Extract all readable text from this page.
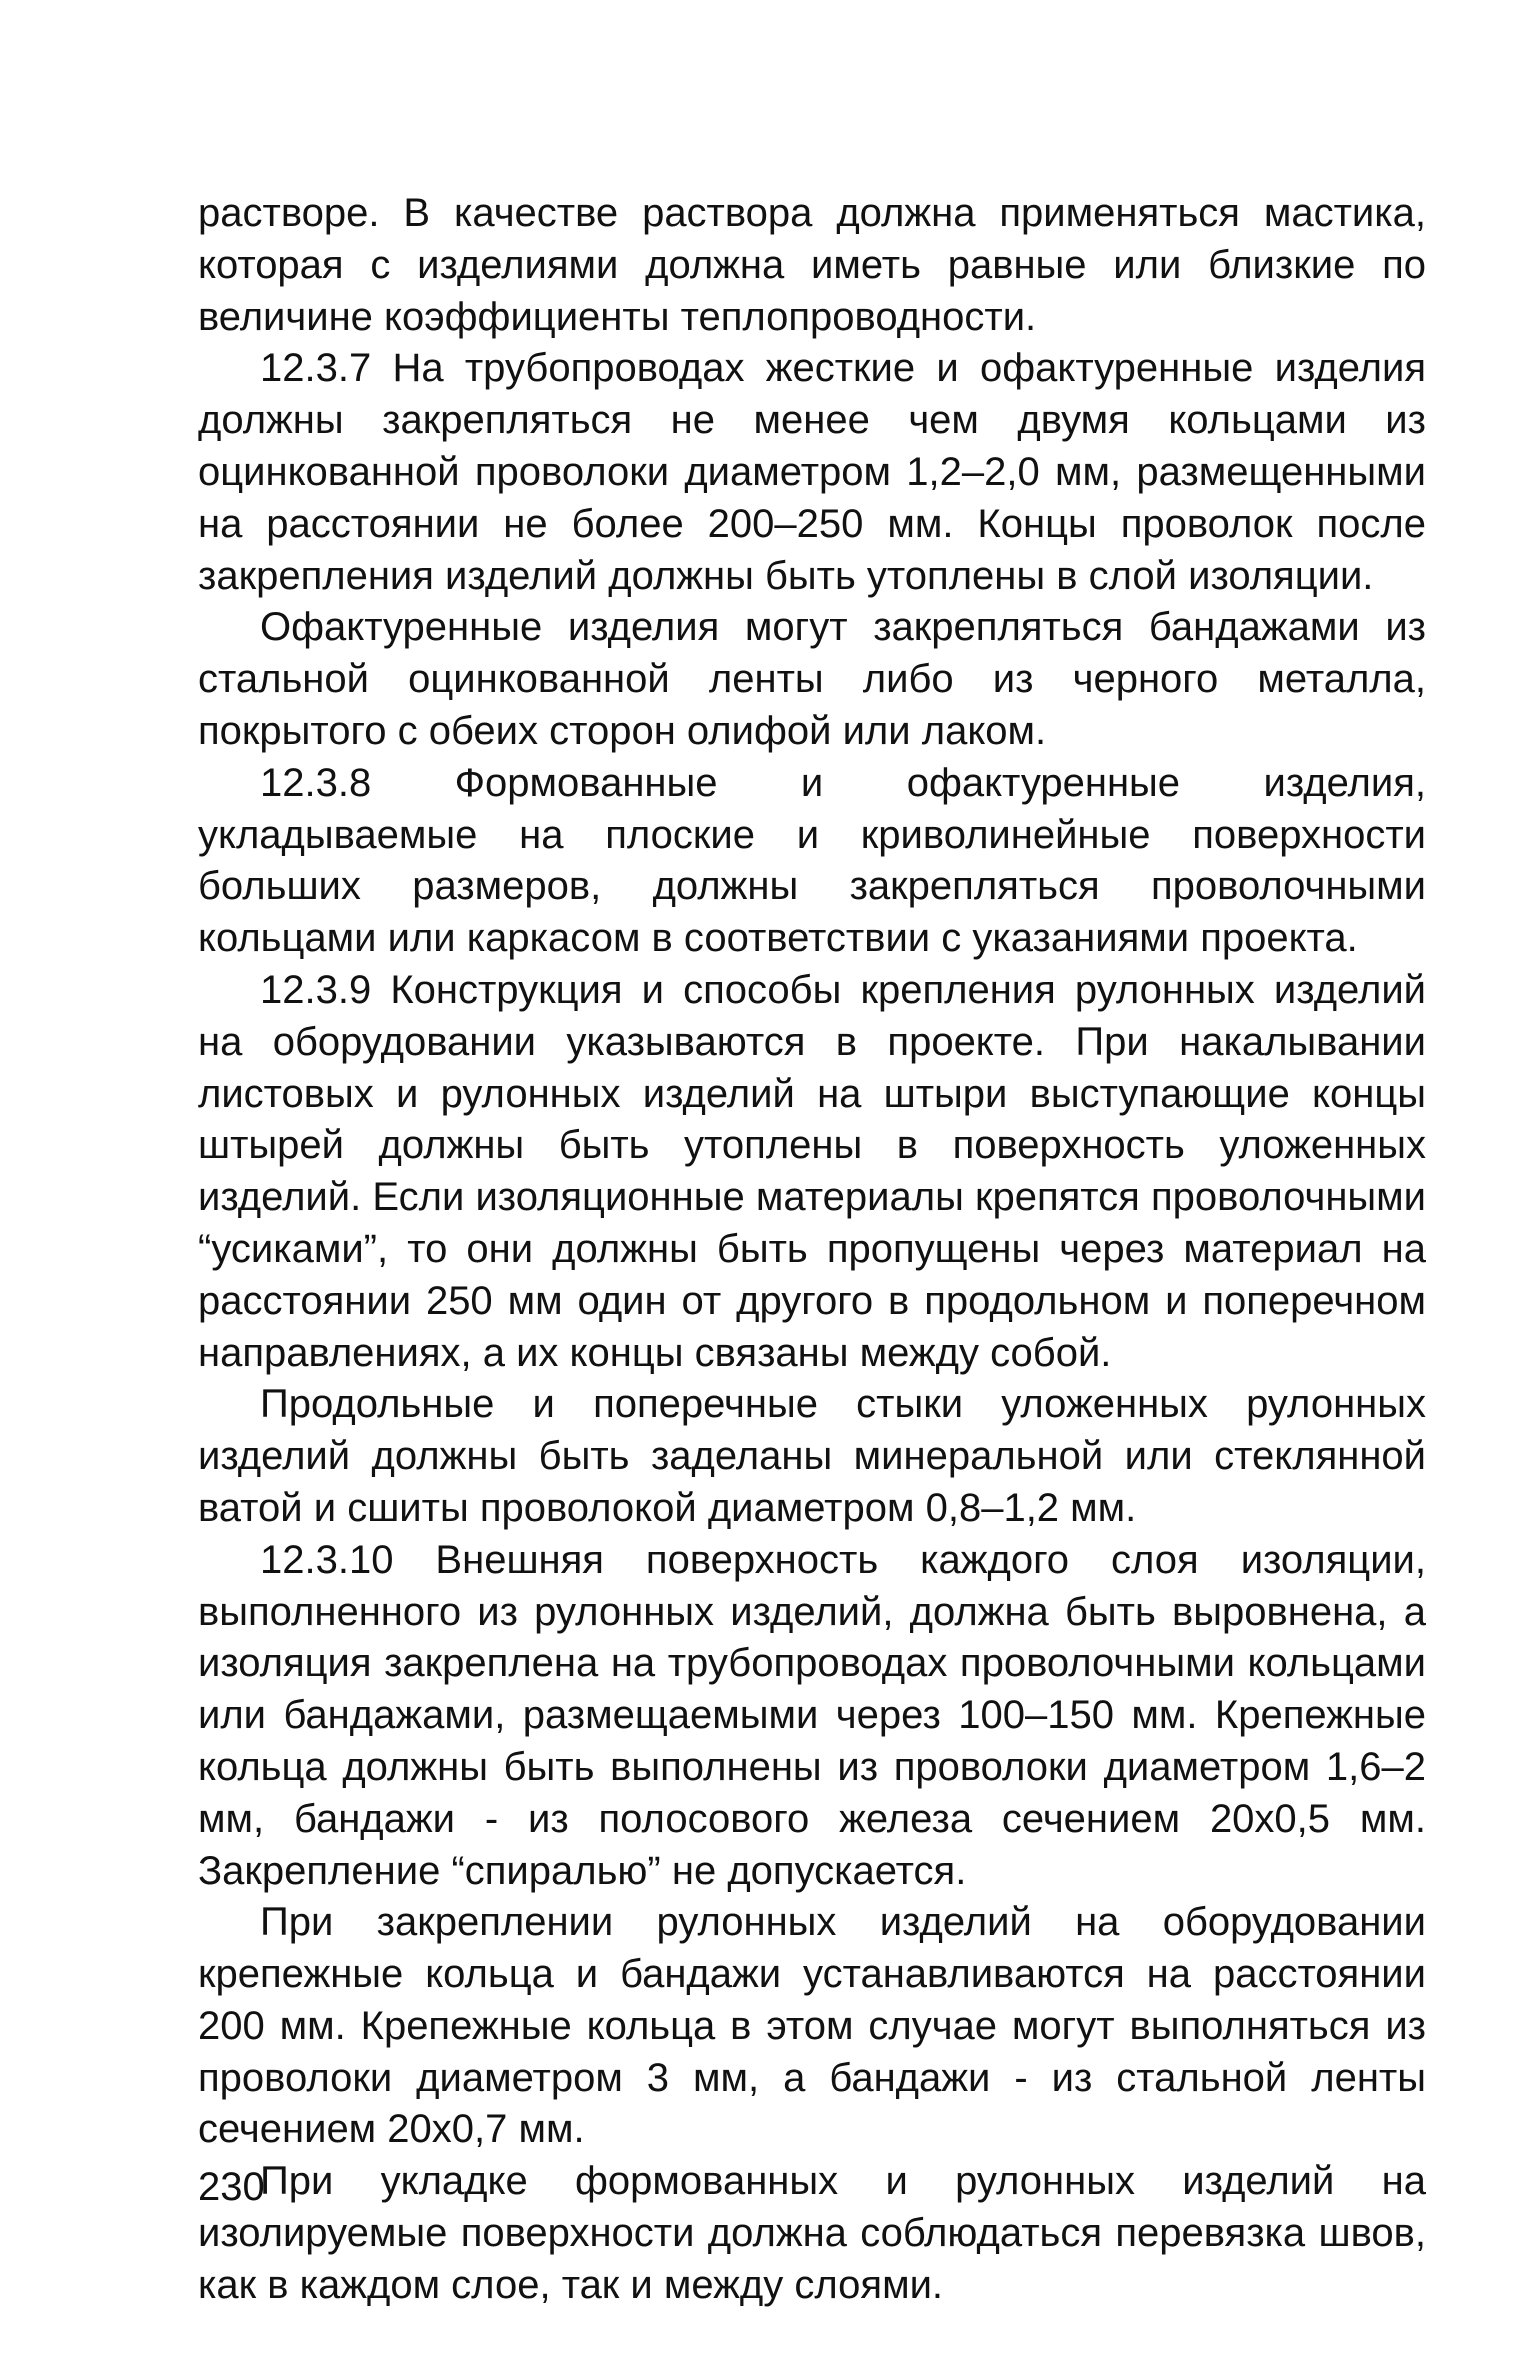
растворе. В качестве раствора должна применяться мастика, которая с изделиями должна иметь равные или близкие по величине коэффициенты теплопроводности.

12.3.7 На трубопроводах жесткие и офактуренные изделия должны закрепляться не менее чем двумя кольцами из оцинкованной проволоки диаметром 1,2–2,0 мм, размещенными на расстоянии не более 200–250 мм. Концы проволок после закрепления изделий должны быть утоплены в слой изоляции.

Офактуренные изделия могут закрепляться бандажами из стальной оцинкованной ленты либо из черного металла, покрытого с обеих сторон олифой или лаком.

12.3.8 Формованные и офактуренные изделия, укладываемые на плоские и криволинейные поверхности больших размеров, должны закрепляться проволочными кольцами или каркасом в соответствии с указаниями проекта.

12.3.9 Конструкция и способы крепления рулонных изделий на оборудовании указываются в проекте. При накалывании листовых и рулонных изделий на штыри выступающие концы штырей должны быть утоплены в поверхность уложенных изделий. Если изоляционные материалы крепятся проволочными “усиками”, то они должны быть пропущены через материал на расстоянии 250 мм один от другого в продольном и поперечном направлениях, а их концы связаны между собой.

Продольные и поперечные стыки уложенных рулонных изделий должны быть заделаны минеральной или стеклянной ватой и сшиты проволокой диаметром 0,8–1,2 мм.

12.3.10 Внешняя поверхность каждого слоя изоляции, выполненного из рулонных изделий, должна быть выровнена, а изоляция закреплена на трубопроводах проволочными кольцами или бандажами, размещаемыми через 100–150 мм. Крепежные кольца должны быть выполнены из проволоки диаметром 1,6–2 мм, бандажи - из полосового железа сечением 20х0,5 мм. Закрепление “спиралью” не допускается.

При закреплении рулонных изделий на оборудовании крепежные кольца и бандажи устанавливаются на расстоянии 200 мм. Крепежные кольца в этом случае могут выполняться из проволоки диаметром 3 мм, а бандажи - из стальной ленты сечением 20х0,7 мм.

При укладке формованных и рулонных изделий на изолируемые поверхности должна соблюдаться перевязка швов, как в каждом слое, так и между слоями.

230
